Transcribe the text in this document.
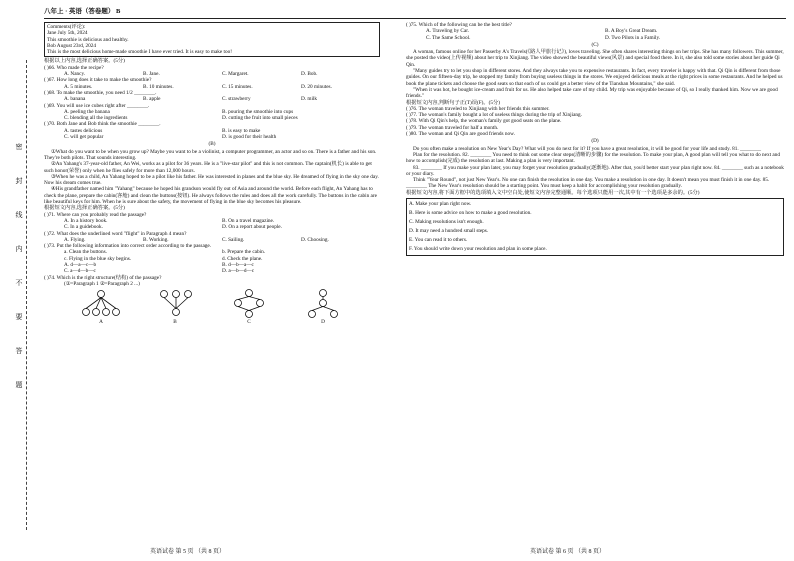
八年上 · 英语（答卷题） B
密
封
线
内
不
要
答
题
Comments(评论):
Jane July 5th, 2024
This smoothie is delicious and healthy.
Bob August 23rd, 2024
This is the most delicious home-made smoothie I have ever tried. It is easy to make too!
根据以上内容,选择正确答案。(5分)
( )66. Who made the recipe?
A. Nancy.	B. Jane.	C. Margaret.	D. Bob.
( )67. How long does it take to make the smoothie?
A. 5 minutes.	B. 10 minutes.	C. 15 minutes.	D. 20 minutes.
( )68. To make the smoothie, you need 1/2 ________.
A. banana	B. apple	C. strawberry	D. milk
( )69. You will use ice cubes right after ________.
A. peeling the banana	B. pouring the smoothie into cups
C. blending all the ingredients	D. cutting the fruit into small pieces
( )70. Both Jane and Bob think the smoothie ________.
A. tastes delicious	B. is easy to make
C. will get popular	D. is good for their health
(B)

①What do you want to be when you grow up? Maybe you want to be a violinist, a computer programmer, an actor and so on. There is a father and his son. They're both pilots. That sounds interesting.

②An Yahang's 37-year-old father, An Wei, works as a pilot for 36 years. He is a "live-star pilot" and this is not common. The captain(机长) is able to get such honor(荣誉) only when he flies safely for more than 12,000 hours.

③When he was a child, An Yahang hoped to be a pilot like his father. He was interested in planes and the blue sky. He dreamed of flying in the sky one day. Now his dream comes true.

④His grandfather named him "Yahang" because he hoped his grandson would fly out of Asia and around the world. Before each flight, An Yahang has to check the plane, prepare the cabin(客舱) and clean the buttons(按钮). He always follows the rules and does all the work carefully. The buttons in the cabin are like beautiful keys for him. When he is sure about the safety, the movement of flying in the blue sky becomes his pleasure.

根据短文内容,选择正确答案。(5分)
( )71. Where can you probably read the passage?
A. In a history book.	B. On a travel magazine.
C. In a guidebook.	D. On a report about people.
( )72. What does the underlined word "flight" in Paragraph 4 mean?
A. Flying.	B. Working.	C. Sailing.	D. Choosing.
( )73. Put the following information into correct order according to the passage.
a. Clean the buttons.	b. Prepare the cabin.
c. Flying in the blue sky begins.	d. Check the plane.
A. d—a—c—b	B. d—b—a—c
C. a—d—b—c	D. a—b—d—c
( )74. Which is the right structure(结构) of the passage?
(①=Paragraph 1 ②=Paragraph 2 ...)
A	B	C	D
英语试卷 第 5 页 （共 8 页）
( )75. Which of the following can be the best title?
A. Traveling by Car.	B. A Boy's Great Dream.
C. The Same School.	D. Two Pilots in a Family.
(C)

A woman, famous online for her Passerby A's Travels(《路人甲旅行记》), loves traveling. She often shares interesting things on her trips. She has many followers. This summer, she posted the video(上传视频) about her trip to Xinjiang. The video showed the beautiful views(风景) and special food there. In it, she also told some stories about her guide Qi Qin.

"Many guides try to let you shop in different stores. And they always take you to expensive restaurants. In fact, every traveler is happy with that. Qi Qin is different from those guides. On our fifteen-day trip, he stopped my family from buying useless things in the stores. We enjoyed delicious meals at the right prices in some restaurants. And he helped us book the plane tickets and choose the good seats so that each of us could get a better view of the Tianshan Mountains," she said.

"When it was hot, he bought ice-cream and fruit for us. He also helped take care of my child. My trip was enjoyable because of Qi, so I really thanked him. Now we are good friends."

根据短文内容,判断句子正(T)误(F)。(5分)
( )76. The woman traveled to Xinjiang with her friends this summer.
( )77. The woman's family bought a lot of useless things during the trip of Xinjiang.
( )78. With Qi Qin's help, the woman's family got good seats on the plane.
( )79. The woman traveled for half a month.
( )80. The woman and Qi Qin are good friends now.
(D)

Do you often make a resolution on New Year's Day? What will you do next for it? If you have a great resolution, it will be good for your life and study. 81. ________

Plan for the resolution. 82. ________ You need to think out some clear steps(清晰的步骤) for the resolution. To make your plan, A good plan will tell you what to do next and how to accomplish(完成) the resolution at last. Making a plan is very important.

83. ________ If you make your plan later, you may forget your resolution gradually(逐渐地). After that, you'd better start your plan right now. 84. ________ such as a notebook or your diary.

Think "Year Round", not just New Year's. No one can finish the resolution in one day. You make a resolution in one day. It doesn't mean you must finish it in one day. 85. ________ The New Year's resolution should be a starting point. You must keep a habit for accomplishing your resolution gradually.

根据短文内容,将下面方框中的选项填入文中空白处,使短文内容完整通顺。每个选项只能用一次,其中有一个选项是多余的。(5分)
A. Make your plan right now.
B. Here is some advice on how to make a good resolution.
C. Making resolutions isn't enough.
D. It may need a hundred small steps.
E. You can read it to others.
F. You should write down your resolution and plan in some place.
英语试卷 第 6 页 （共 8 页）
